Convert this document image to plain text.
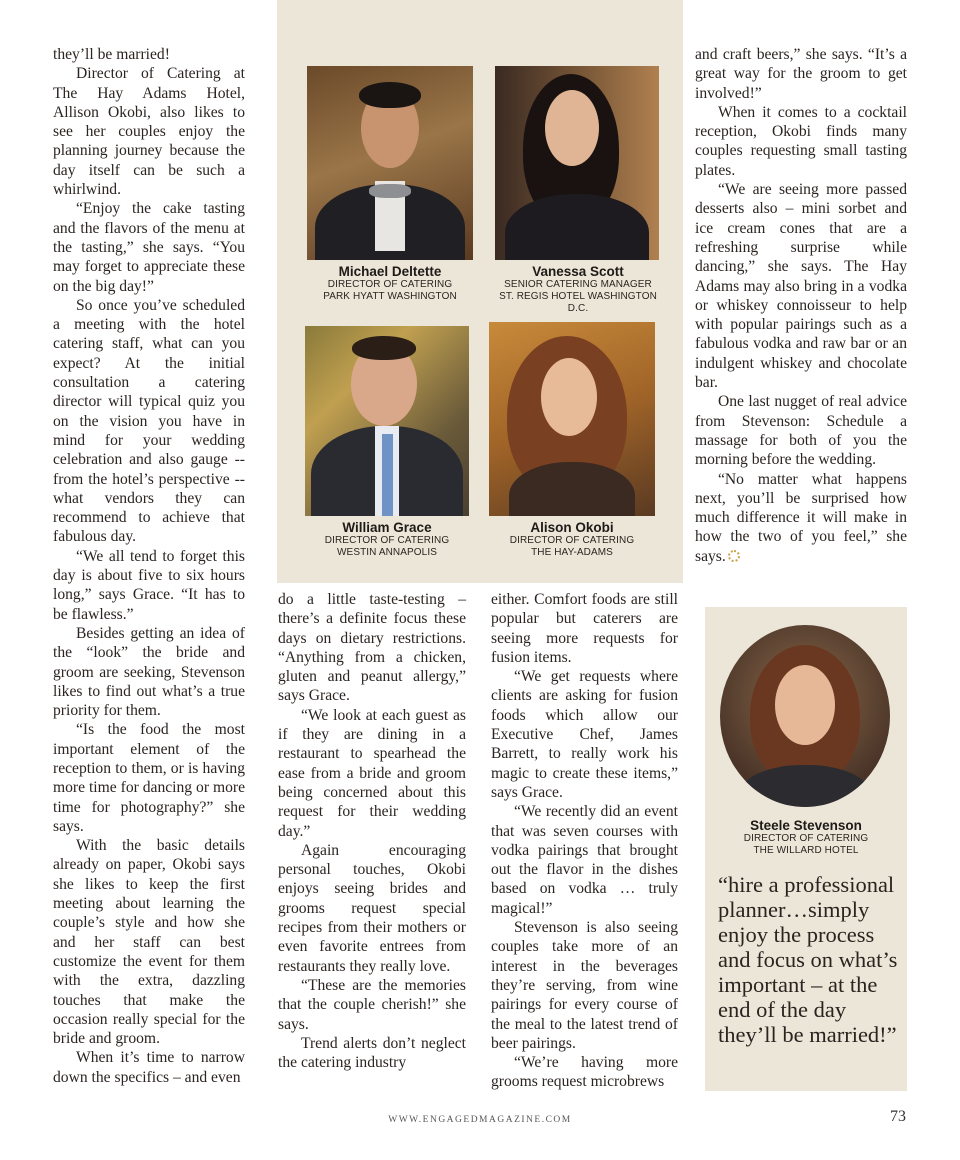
they’ll be married!

Director of Catering at The Hay Adams Hotel, Allison Okobi, also likes to see her couples enjoy the planning journey because the day itself can be such a whirlwind.

“Enjoy the cake tasting and the flavors of the menu at the tasting,” she says. “You may forget to appreciate these on the big day!”

So once you’ve scheduled a meeting with the hotel catering staff, what can you expect? At the initial consultation a catering director will typical quiz you on the vision you have in mind for your wedding celebration and also gauge -- from the hotel’s perspective -- what vendors they can recommend to achieve that fabulous day.

“We all tend to forget this day is about five to six hours long,” says Grace. “It has to be flawless.”

Besides getting an idea of the “look” the bride and groom are seeking, Stevenson likes to find out what’s a true priority for them.

“Is the food the most important element of the reception to them, or is having more time for dancing or more time for photography?” she says.

With the basic details already on paper, Okobi says she likes to keep the first meeting about learning the couple’s style and how she and her staff can best customize the event for them with the extra, dazzling touches that make the occasion really special for the bride and groom.

When it’s time to narrow down the specifics – and even

Michael Deltette
DIRECTOR OF CATERING
PARK HYATT WASHINGTON
Vanessa Scott
SENIOR CATERING MANAGER
ST. REGIS HOTEL WASHINGTON D.C.
William Grace
DIRECTOR OF CATERING
WESTIN ANNAPOLIS
Alison Okobi
DIRECTOR OF CATERING
THE HAY-ADAMS

do a little taste-testing – there’s a definite focus these days on dietary restrictions. “Anything from a chicken, gluten and peanut allergy,” says Grace.

“We look at each guest as if they are dining in a restaurant to spearhead the ease from a bride and groom being concerned about this request for their wedding day.”

Again encouraging personal touches, Okobi enjoys seeing brides and grooms request special recipes from their mothers or even favorite entrees from restaurants they really love.

“These are the memories that the couple cherish!” she says.

Trend alerts don’t neglect the catering industry

either. Comfort foods are still popular but caterers are seeing more requests for fusion items.

“We get requests where clients are asking for fusion foods which allow our Executive Chef, James Barrett, to really work his magic to create these items,” says Grace.

“We recently did an event that was seven courses with vodka pairings that brought out the flavor in the dishes based on vodka … truly magical!”

Stevenson is also seeing couples take more of an interest in the beverages they’re serving, from wine pairings for every course of the meal to the latest trend of beer pairings.

“We’re having more grooms request microbrews

and craft beers,” she says. “It’s a great way for the groom to get involved!”

When it comes to a cocktail reception, Okobi finds many couples requesting small tasting plates.

“We are seeing more passed desserts also – mini sorbet and ice cream cones that are a refreshing surprise while dancing,” she says. The Hay Adams may also bring in a vodka or whiskey connoisseur to help with popular pairings such as a fabulous vodka and raw bar or an indulgent whiskey and chocolate bar.

One last nugget of real advice from Stevenson: Schedule a massage for both of you the morning before the wedding.

“No matter what happens next, you’ll be surprised how much difference it will make in how the two of you feel,” she says.

Steele Stevenson
DIRECTOR OF CATERING
THE WILLARD HOTEL
“hire a professional planner…simply enjoy the process and focus on what’s important – at the end of the day they’ll be married!”
WWW.ENGAGEDMAGAZINE.COM	73
